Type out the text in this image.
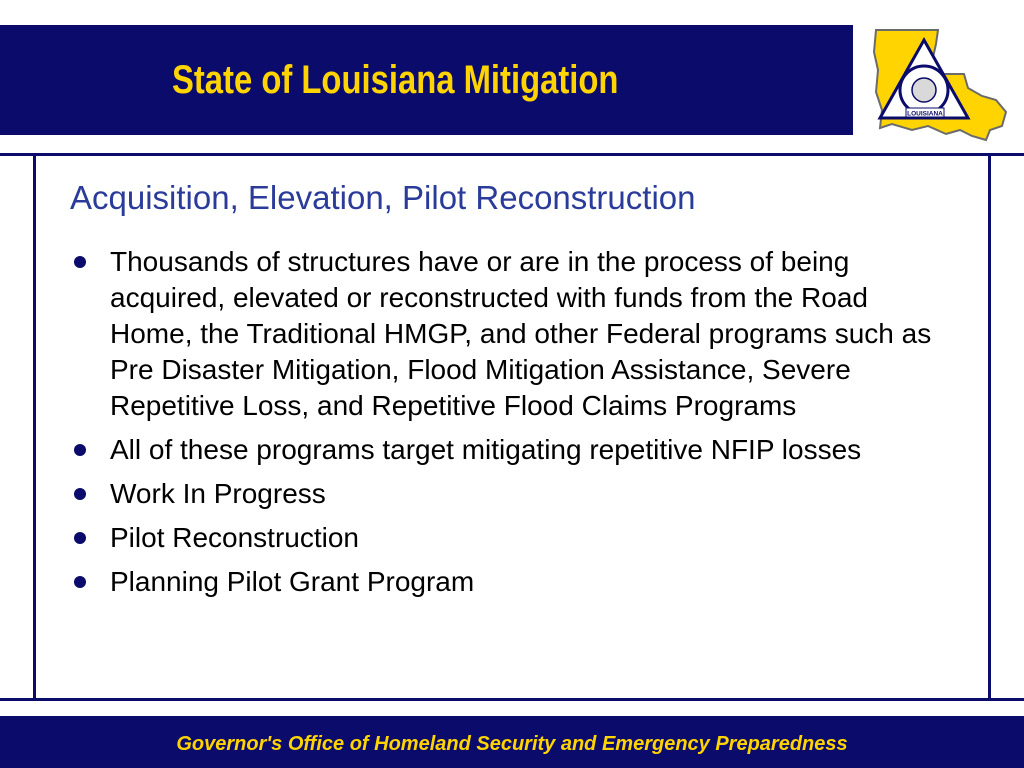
State of Louisiana Mitigation
LOUISIANA
Acquisition, Elevation, Pilot Reconstruction
Thousands of structures have or are in the process of being acquired, elevated or reconstructed with funds from the Road Home, the Traditional HMGP, and other Federal programs such as Pre Disaster Mitigation, Flood Mitigation Assistance, Severe Repetitive Loss, and Repetitive Flood Claims Programs
All of these programs target mitigating repetitive NFIP losses
Work In Progress
Pilot Reconstruction
Planning Pilot Grant Program
Governor's Office of Homeland Security and Emergency Preparedness
